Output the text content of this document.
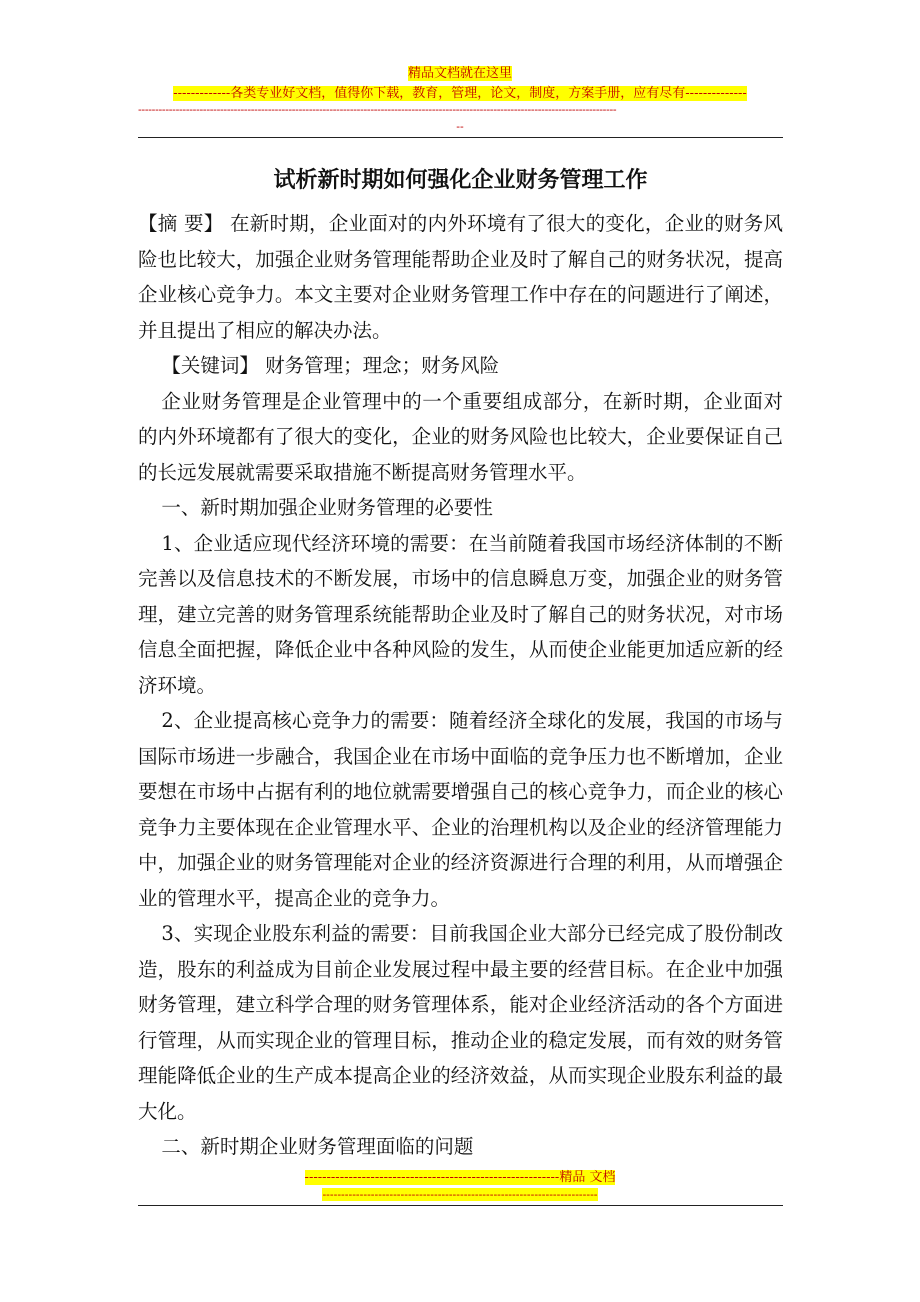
精品文档就在这里
-------------各类专业好文档，值得你下载，教育，管理，论文，制度，方案手册，应有尽有--------------
--------------------------------------------------------------------------------------------------------------------------------------------
--
试析新时期如何强化企业财务管理工作

【摘 要】 在新时期，企业面对的内外环境有了很大的变化，企业的财务风险也比较大，加强企业财务管理能帮助企业及时了解自己的财务状况，提高企业核心竞争力。本文主要对企业财务管理工作中存在的问题进行了阐述，并且提出了相应的解决办法。

【关键词】 财务管理；理念；财务风险

企业财务管理是企业管理中的一个重要组成部分，在新时期，企业面对的内外环境都有了很大的变化，企业的财务风险也比较大，企业要保证自己的长远发展就需要采取措施不断提高财务管理水平。

一、新时期加强企业财务管理的必要性

1、企业适应现代经济环境的需要：在当前随着我国市场经济体制的不断完善以及信息技术的不断发展，市场中的信息瞬息万变，加强企业的财务管理，建立完善的财务管理系统能帮助企业及时了解自己的财务状况，对市场信息全面把握，降低企业中各种风险的发生，从而使企业能更加适应新的经济环境。

2、企业提高核心竞争力的需要：随着经济全球化的发展，我国的市场与国际市场进一步融合，我国企业在市场中面临的竞争压力也不断增加，企业要想在市场中占据有利的地位就需要增强自己的核心竞争力，而企业的核心竞争力主要体现在企业管理水平、企业的治理机构以及企业的经济管理能力中，加强企业的财务管理能对企业的经济资源进行合理的利用，从而增强企业的管理水平，提高企业的竞争力。

3、实现企业股东利益的需要：目前我国企业大部分已经完成了股份制改造，股东的利益成为目前企业发展过程中最主要的经营目标。在企业中加强财务管理，建立科学合理的财务管理体系，能对企业经济活动的各个方面进行管理，从而实现企业的管理目标，推动企业的稳定发展，而有效的财务管理能降低企业的生产成本提高企业的经济效益，从而实现企业股东利益的最大化。

二、新时期企业财务管理面临的问题

----------------------------------------------------------精品 文档
--------------------------------------------------------------------------
